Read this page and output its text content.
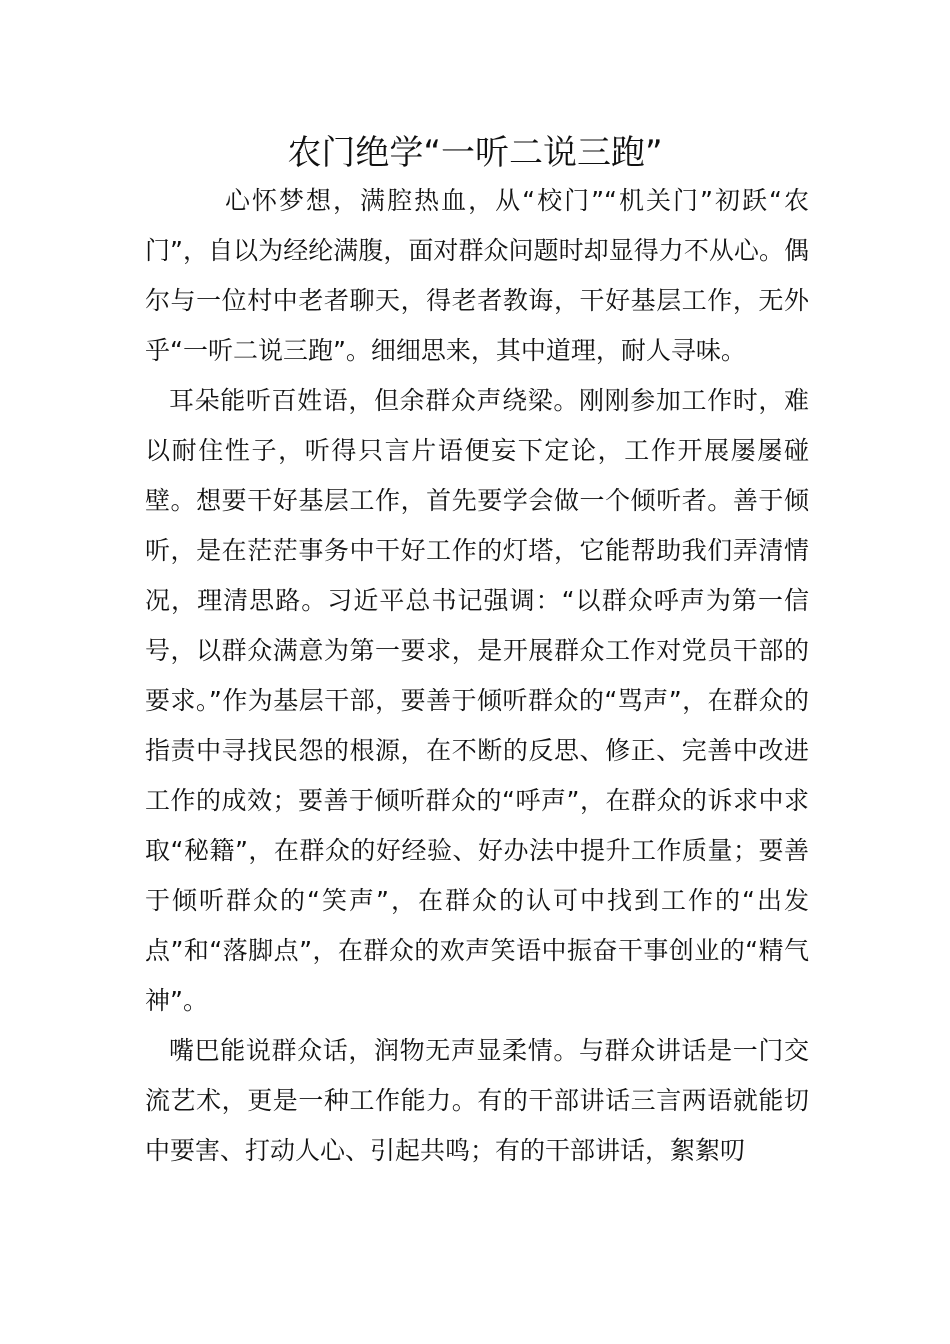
农门绝学“一听二说三跑”

心怀梦想，满腔热血，从“校门”“机关门”初跃“农门”，自以为经纶满腹，面对群众问题时却显得力不从心。偶尔与一位村中老者聊天，得老者教诲，干好基层工作，无外乎“一听二说三跑”。细细思来，其中道理，耐人寻味。

耳朵能听百姓语，但余群众声绕梁。刚刚参加工作时，难以耐住性子，听得只言片语便妄下定论，工作开展屡屡碰壁。想要干好基层工作，首先要学会做一个倾听者。善于倾听，是在茫茫事务中干好工作的灯塔，它能帮助我们弄清情况，理清思路。习近平总书记强调：“以群众呼声为第一信号，以群众满意为第一要求，是开展群众工作对党员干部的要求。”作为基层干部，要善于倾听群众的“骂声”，在群众的指责中寻找民怨的根源，在不断的反思、修正、完善中改进工作的成效；要善于倾听群众的“呼声”，在群众的诉求中求取“秘籍”，在群众的好经验、好办法中提升工作质量；要善于倾听群众的“笑声”，在群众的认可中找到工作的“出发点”和“落脚点”，在群众的欢声笑语中振奋干事创业的“精气神”。

嘴巴能说群众话，润物无声显柔情。与群众讲话是一门交流艺术，更是一种工作能力。有的干部讲话三言两语就能切中要害、打动人心、引起共鸣；有的干部讲话，絮絮叨
